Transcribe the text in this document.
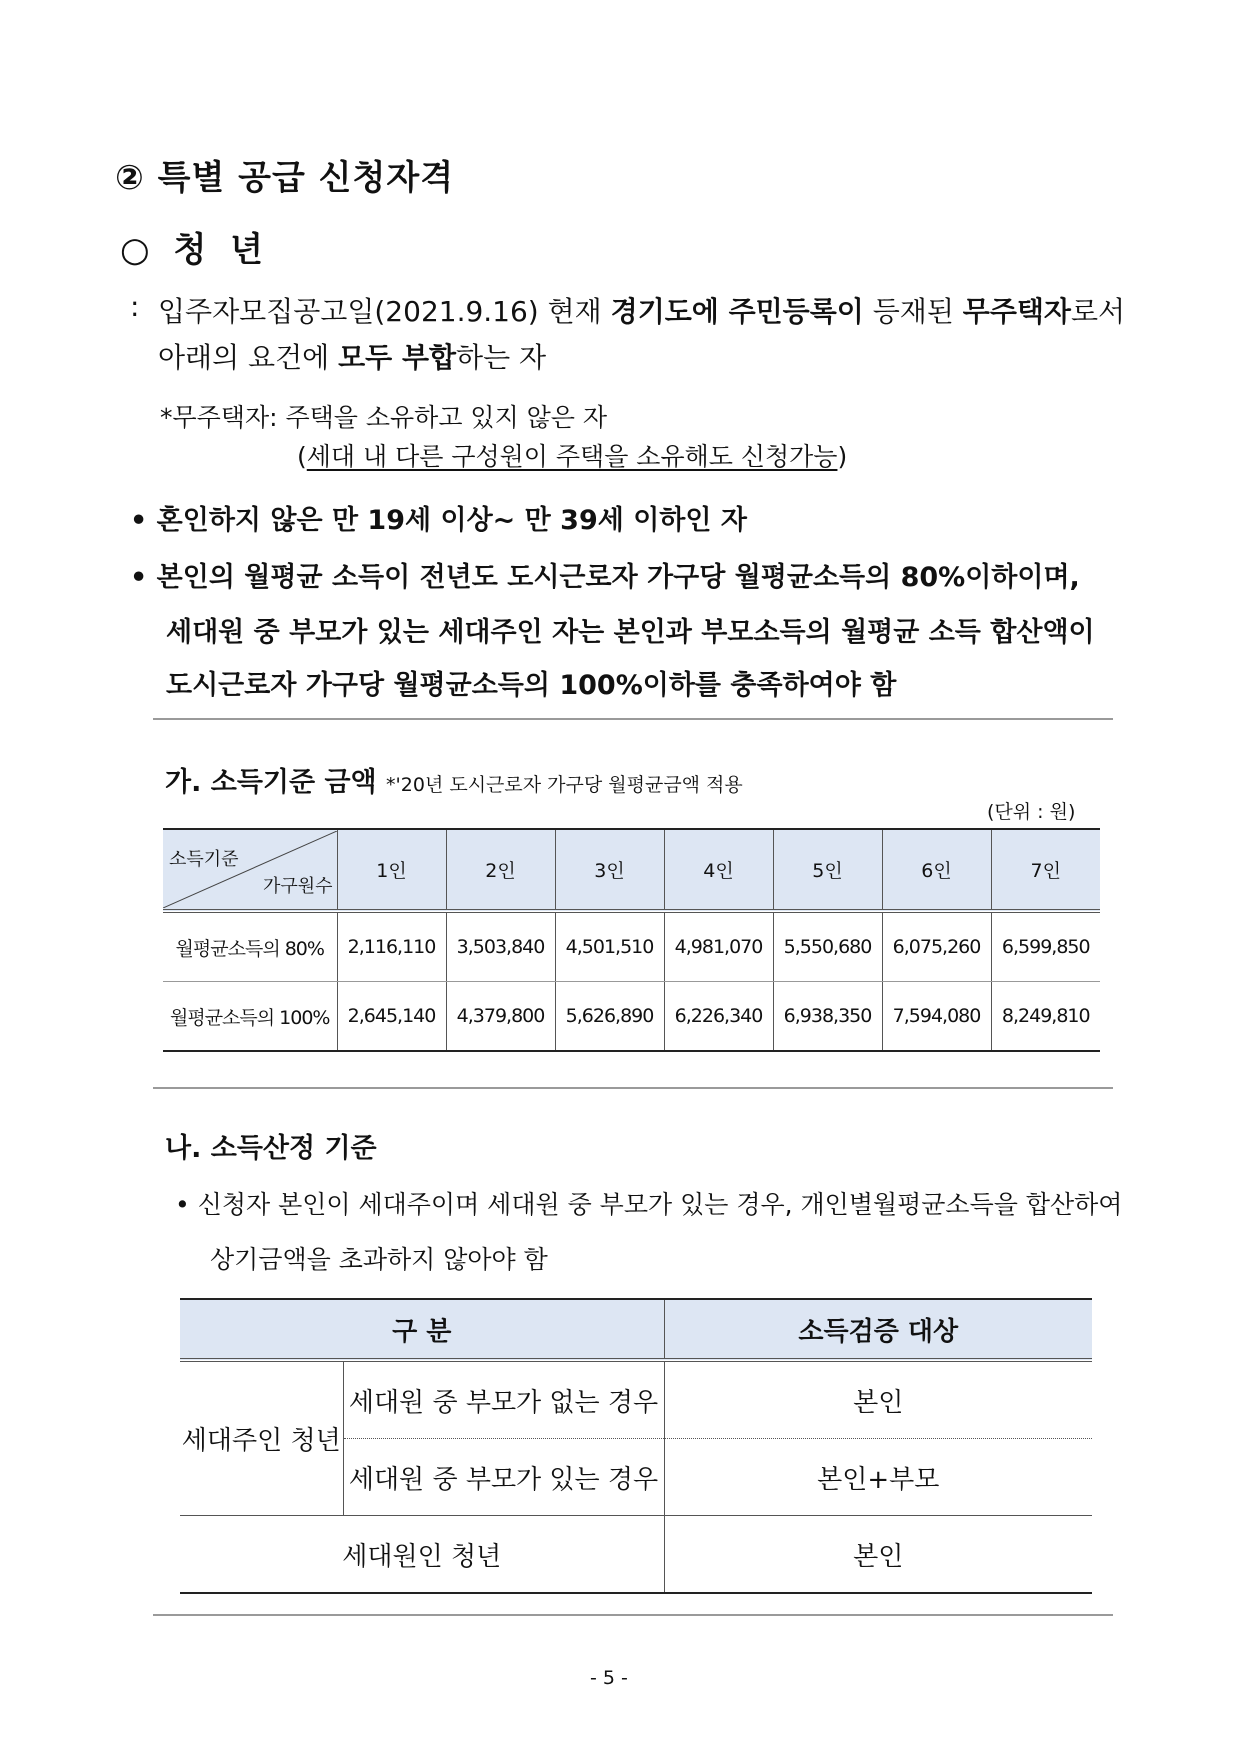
② 특별 공급 신청자격
○ 청 년
: 입주자모집공고일(2021.9.16) 현재 경기도에 주민등록이 등재된 무주택자로서
아래의 요건에 모두 부합하는 자
*무주택자: 주택을 소유하고 있지 않은 자
(세대 내 다른 구성원이 주택을 소유해도 신청가능)
• 혼인하지 않은 만 19세 이상~ 만 39세 이하인 자
• 본인의 월평균 소득이 전년도 도시근로자 가구당 월평균소득의 80%이하이며,
세대원 중 부모가 있는 세대주인 자는 본인과 부모소득의 월평균 소득 합산액이
도시근로자 가구당 월평균소득의 100%이하를 충족하여야 함
가. 소득기준 금액 *'20년 도시근로자 가구당 월평균금액 적용
(단위 : 원)
소득기준
가구원수	1인	2인	3인	4인	5인	6인	7인
월평균소득의 80%	2,116,110	3,503,840	4,501,510	4,981,070	5,550,680	6,075,260	6,599,850
월평균소득의 100%	2,645,140	4,379,800	5,626,890	6,226,340	6,938,350	7,594,080	8,249,810
나. 소득산정 기준
• 신청자 본인이 세대주이며 세대원 중 부모가 있는 경우, 개인별월평균소득을 합산하여
상기금액을 초과하지 않아야 함
구 분		소득검증 대상
세대주인 청년	세대원 중 부모가 없는 경우	본인
	세대원 중 부모가 있는 경우	본인+부모
세대원인 청년		본인
- 5 -
